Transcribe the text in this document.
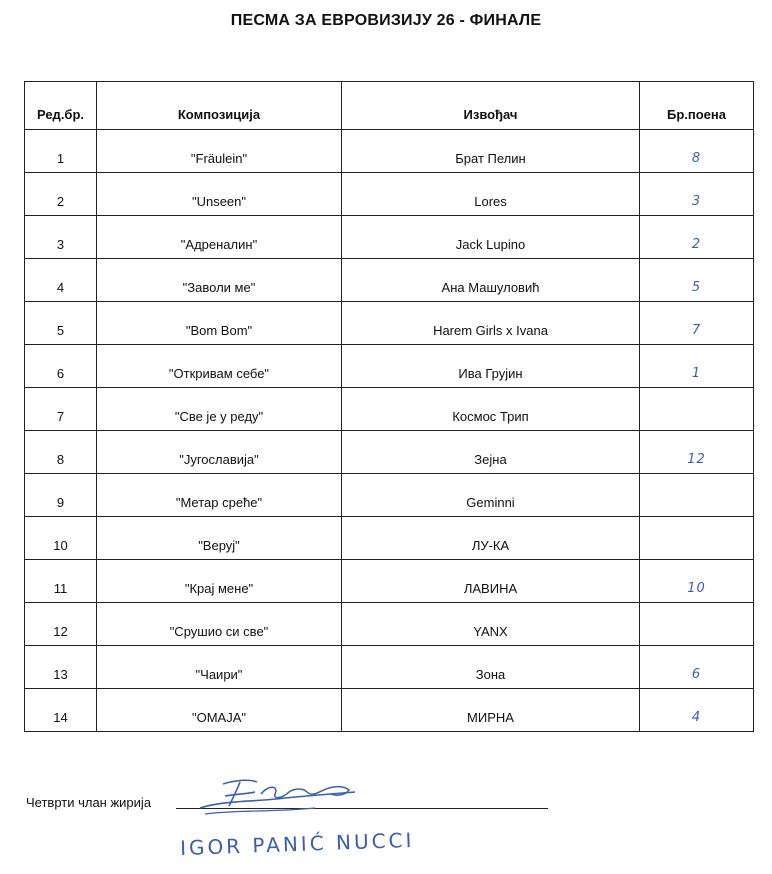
ПЕСМА ЗА ЕВРОВИЗИЈУ 26 - ФИНАЛЕ
Ред.бр.	Композиција	Извођач	Бр.поена
1	"Fräulein"	Брат Пелин	8
2	"Unseen"	Lores	3
3	"Адреналин"	Jack Lupino	2
4	"Заволи ме"	Ана Машуловић	5
5	"Bom Bom"	Harem Girls x Ivana	7
6	"Откривам себе"	Ива Грујин	1
7	"Све је у реду"	Космос Трип	
8	"Југославија"	Зејна	12
9	"Метар среће"	Geminni	
10	"Веруј"	ЛУ-КА	
11	"Крај мене"	ЛАВИНА	10
12	"Срушио си све"	YANX	
13	"Чаири"	Зона	6
14	"ОМАЈА"	МИРНА	4
Четврти члан жирија
IGOR PANIĆ NUCCI
